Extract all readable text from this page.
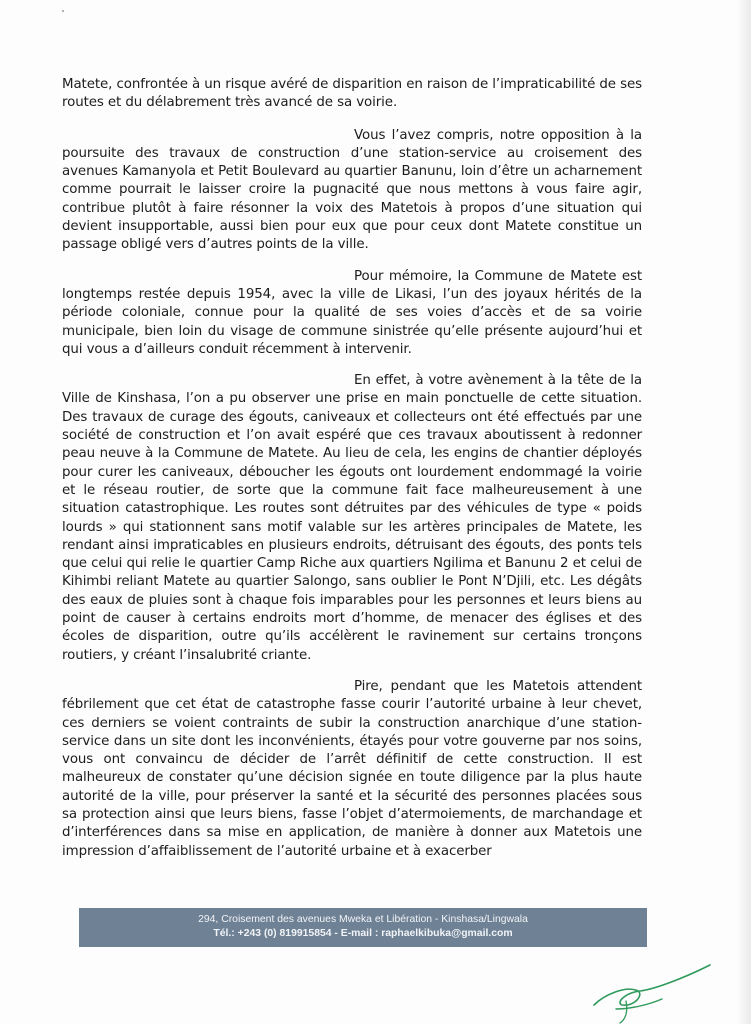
Matete, confrontée à un risque avéré de disparition en raison de l’impraticabilité de ses routes et du délabrement très avancé de sa voirie.

Vous l’avez compris, notre opposition à la poursuite des travaux de construction d’une station-service au croisement des avenues Kamanyola et Petit Boulevard au quartier Banunu, loin d’être un acharnement comme pourrait le laisser croire la pugnacité que nous mettons à vous faire agir, contribue plutôt à faire résonner la voix des Matetois à propos d’une situation qui devient insupportable, aussi bien pour eux que pour ceux dont Matete constitue un passage obligé vers d’autres points de la ville.

Pour mémoire, la Commune de Matete est longtemps restée depuis 1954, avec la ville de Likasi, l’un des joyaux hérités de la période coloniale, connue pour la qualité de ses voies d’accès et de sa voirie municipale, bien loin du visage de commune sinistrée qu’elle présente aujourd’hui et qui vous a d’ailleurs conduit récemment à intervenir.

En effet, à votre avènement à la tête de la Ville de Kinshasa, l’on a pu observer une prise en main ponctuelle de cette situation. Des travaux de curage des égouts, caniveaux et collecteurs ont été effectués par une société de construction et l’on avait espéré que ces travaux aboutissent à redonner peau neuve à la Commune de Matete. Au lieu de cela, les engins de chantier déployés pour curer les caniveaux, déboucher les égouts ont lourdement endommagé la voirie et le réseau routier, de sorte que la commune fait face malheureusement à une situation catastrophique. Les routes sont détruites par des véhicules de type « poids lourds » qui stationnent sans motif valable sur les artères principales de Matete, les rendant ainsi impraticables en plusieurs endroits, détruisant des égouts, des ponts tels que celui qui relie le quartier Camp Riche aux quartiers Ngilima et Banunu 2 et celui de Kihimbi reliant Matete au quartier Salongo, sans oublier le Pont N’Djili, etc. Les dégâts des eaux de pluies sont à chaque fois imparables pour les personnes et leurs biens au point de causer à certains endroits mort d’homme, de menacer des églises et des écoles de disparition, outre qu’ils accélèrent le ravinement sur certains tronçons routiers, y créant l’insalubrité criante.

Pire, pendant que les Matetois attendent fébrilement que cet état de catastrophe fasse courir l’autorité urbaine à leur chevet, ces derniers se voient contraints de subir la construction anarchique d’une station-service dans un site dont les inconvénients, étayés pour votre gouverne par nos soins, vous ont convaincu de décider de l’arrêt définitif de cette construction. Il est malheureux de constater qu’une décision signée en toute diligence par la plus haute autorité de la ville, pour préserver la santé et la sécurité des personnes placées sous sa protection ainsi que leurs biens, fasse l’objet d’atermoiements, de marchandage et d’interférences dans sa mise en application, de manière à donner aux Matetois une impression d’affaiblissement de l’autorité urbaine et à exacerber

294, Croisement des avenues Mweka et Libération - Kinshasa/Lingwala
Tél.: +243 (0) 819915854 - E-mail : raphaelkibuka@gmail.com
